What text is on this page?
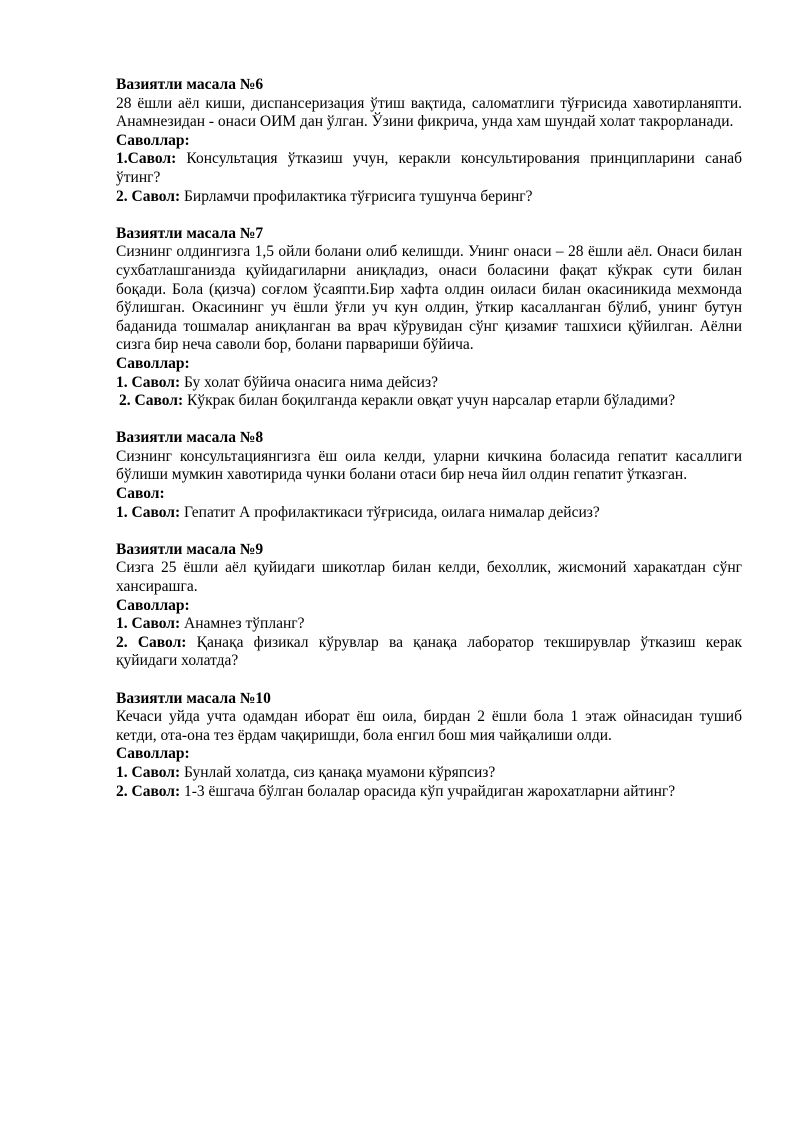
Вазиятли масала №6

28 ёшли аёл киши, диспансеризация ўтиш вақтида, саломатлиги тўғрисида хавотирланяпти. Анамнезидан - онаси ОИМ дан ўлган. Ўзини фикрича, унда хам шундай холат такрорланади.

Саволлар:
1.Савол: Консультация ўтказиш учун, керакли консультирования принципларини санаб ўтинг?
2. Савол: Бирламчи профилактика тўғрисига тушунча беринг?
Вазиятли масала №7

Сизнинг олдингизга 1,5 ойли болани олиб келишди. Унинг онаси – 28 ёшли аёл. Онаси билан сухбатлашганизда қуйидагиларни аниқладиз, онаси боласини фақат кўкрак сути билан боқади. Бола (қизча) соғлом ўсаяпти.Бир хафта олдин оиласи билан окасиникида мехмонда бўлишган. Окасининг уч ёшли ўғли уч кун олдин, ўткир касалланган бўлиб, унинг бутун баданида тошмалар аниқланган ва врач кўрувидан сўнг қизамиғ ташхиси қўйилган. Аёлни сизга бир неча саволи бор, болани парвариши бўйича.

Саволлар:
1. Савол: Бу холат бўйича онасига нима дейсиз?
2. Савол: Кўкрак билан боқилганда керакли овқат учун нарсалар етарли бўладими?
Вазиятли масала №8

Сизнинг консультациянгизга ёш оила келди, уларни кичкина боласида гепатит касаллиги бўлиши мумкин хавотирида чунки болани отаси бир неча йил олдин гепатит ўтказган.

Савол:
1. Савол: Гепатит А профилактикаси тўғрисида, оилага нималар дейсиз?
Вазиятли масала №9

Сизга 25 ёшли аёл қуйидаги шикотлар билан келди, бехоллик, жисмоний харакатдан сўнг хансирашга.

Саволлар:
1. Савол: Анамнез тўпланг?
2. Савол: Қанақа физикал кўрувлар ва қанақа лаборатор текширувлар ўтказиш керак қуйидаги холатда?
Вазиятли масала №10

Кечаси уйда учта одамдан иборат ёш оила, бирдан 2 ёшли бола 1 этаж ойнасидан тушиб кетди, ота-она тез ёрдам чақиришди, бола енгил бош мия чайқалиши олди.

Саволлар:
1. Савол: Бунлай холатда, сиз қанақа муамони кўряпсиз?
2. Савол: 1-3 ёшгача бўлган болалар орасида кўп учрайдиган жарохатларни айтинг?
